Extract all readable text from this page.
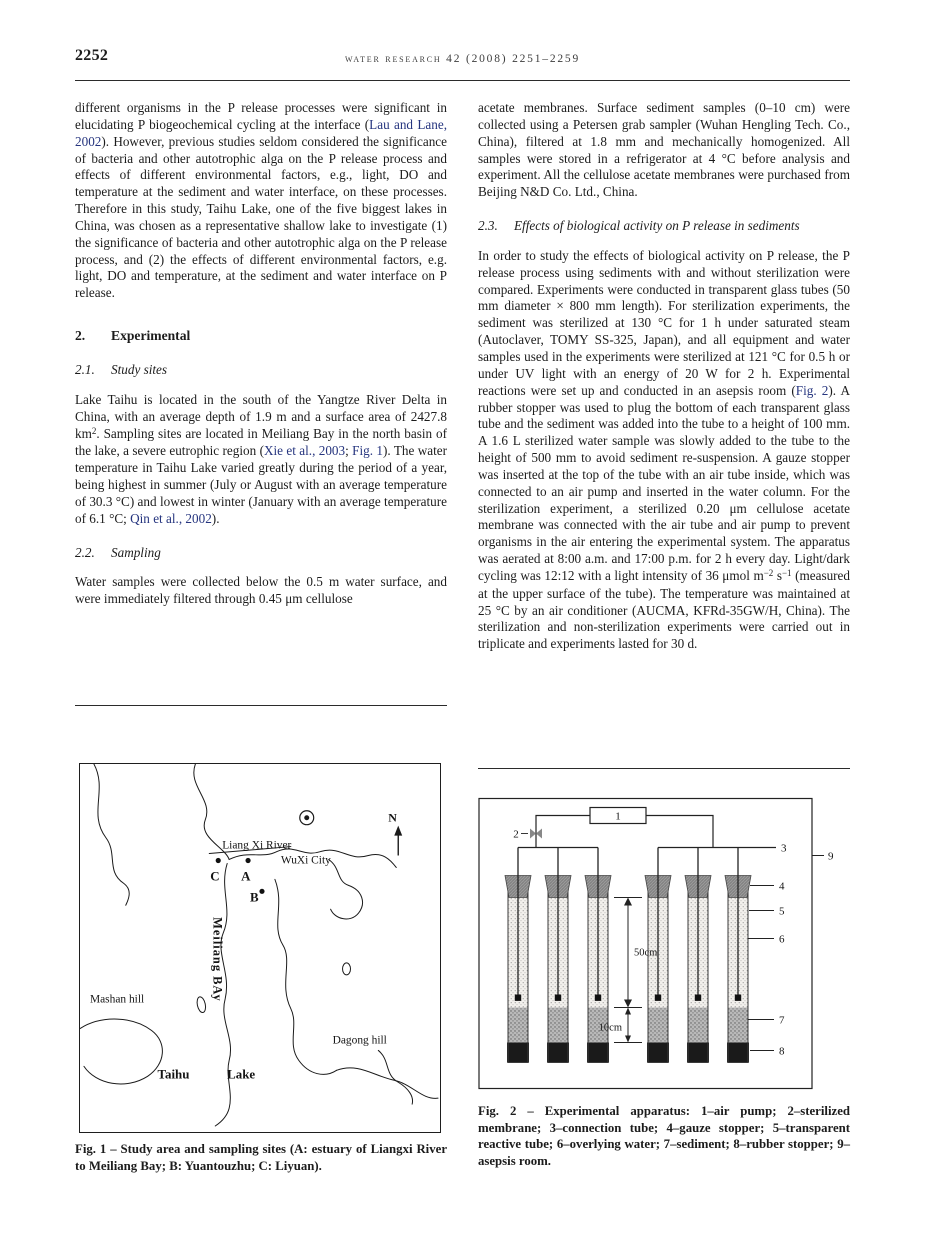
2252	water research 42 (2008) 2251–2259

different organisms in the P release processes were significant in elucidating P biogeochemical cycling at the interface (Lau and Lane, 2002). However, previous studies seldom considered the significance of bacteria and other autotrophic alga on the P release process and effects of different environmental factors, e.g., light, DO and temperature at the sediment and water interface, on these processes. Therefore in this study, Taihu Lake, one of the five biggest lakes in China, was chosen as a representative shallow lake to investigate (1) the significance of bacteria and other autotrophic alga on the P release process, and (2) the effects of different environmental factors, e.g. light, DO and temperature, at the sediment and water interface on P release.

2. Experimental
2.1. Study sites

Lake Taihu is located in the south of the Yangtze River Delta in China, with an average depth of 1.9 m and a surface area of 2427.8 $km^2$. Sampling sites are located in Meiliang Bay in the north basin of the lake, a severe eutrophic region (Xie et al., 2003; Fig. 1). The water temperature in Taihu Lake varied greatly during the period of a year, being highest in summer (July or August with an average temperature of 30.3 °C) and lowest in winter (January with an average temperature of 6.1 °C; Qin et al., 2002).

2.2. Sampling

Water samples were collected below the 0.5 m water surface, and were immediately filtered through 0.45 μm cellulose

acetate membranes. Surface sediment samples (0–10 cm) were collected using a Petersen grab sampler (Wuhan Hengling Tech. Co., China), filtered at 1.8 mm and mechanically homogenized. All samples were stored in a refrigerator at 4 °C before analysis and experiment. All the cellulose acetate membranes were purchased from Beijing N&D Co. Ltd., China.

2.3. Effects of biological activity on P release in sediments

In order to study the effects of biological activity on P release, the P release process using sediments with and without sterilization were compared. Experiments were conducted in transparent glass tubes (50 mm diameter × 800 mm length). For sterilization experiments, the sediment was sterilized at 130 °C for 1 h under saturated steam (Autoclaver, TOMY SS-325, Japan), and all equipment and water samples used in the experiments were sterilized at 121 °C for 0.5 h or under UV light with an energy of 20 W for 2 h. Experimental reactions were set up and conducted in an asepsis room (Fig. 2). A rubber stopper was used to plug the bottom of each transparent glass tube and the sediment was added into the tube to a height of 100 mm. A 1.6 L sterilized water sample was slowly added to the tube to the height of 500 mm to avoid sediment re-suspension. A gauze stopper was inserted at the top of the tube with an air tube inside, which was connected to an air pump and inserted in the water column. For the sterilization experiment, a sterilized 0.20 μm cellulose acetate membrane was connected with the air tube and air pump to prevent organisms in the air entering the experimental system. The apparatus was aerated at 8:00 a.m. and 17:00 p.m. for 2 h every day. Light/dark cycling was 12:12 with a light intensity of 36 μmol $m^{-2}$ $s^{-1}$ (measured at the upper surface of the tube). The temperature was maintained at 25 °C by an air conditioner (AUCMA, KFRd-35GW/H, China). The sterilization and non-sterilization experiments were carried out in triplicate and experiments lasted for 30 d.

N
Liang Xi River
WuXi City
C A
B
Meiliang BAy
Mashan hill
Dagong hill
Taihu	Lake

Fig. 1 – Study area and sampling sites (A: estuary of Liangxi River to Meiliang Bay; B: Yuantouzhu; C: Liyuan).

1
2
3
50cm
10cm
4
5
6
7
8
9

Fig. 2 – Experimental apparatus: 1–air pump; 2–sterilized membrane; 3–connection tube; 4–gauze stopper; 5–transparent reactive tube; 6–overlying water; 7–sediment; 8–rubber stopper; 9–asepsis room.
